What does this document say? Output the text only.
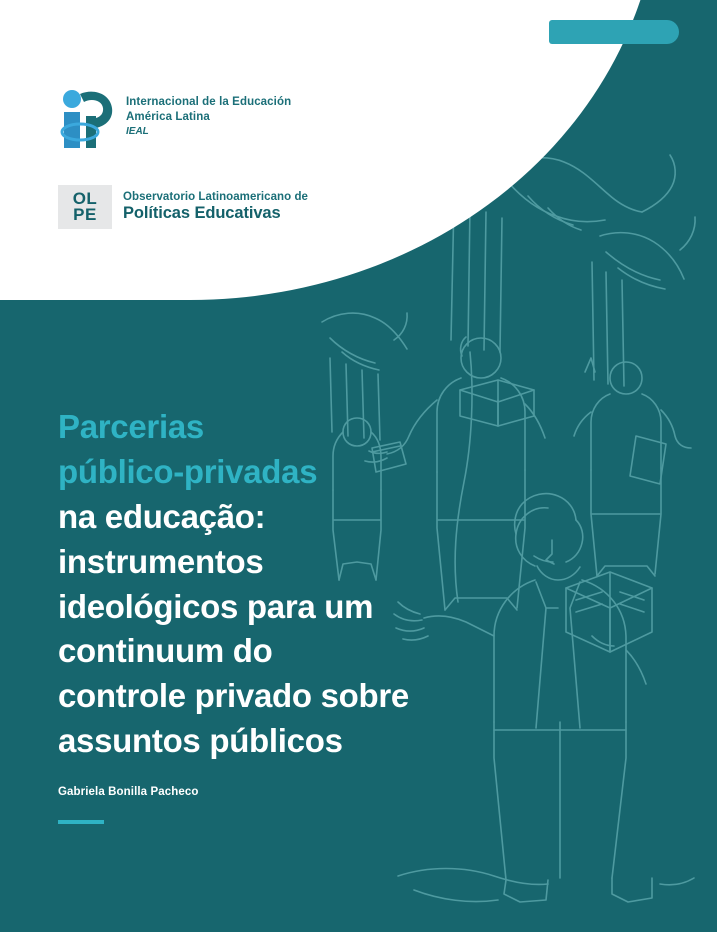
Internacional de la Educación
América Latina
IEAL
OL
PE
Observatorio Latinoamericano de
Políticas Educativas
Parcerias
público-privadas
na educação:
instrumentos
ideológicos para um
continuum do
controle privado sobre
assuntos públicos
Gabriela Bonilla Pacheco
